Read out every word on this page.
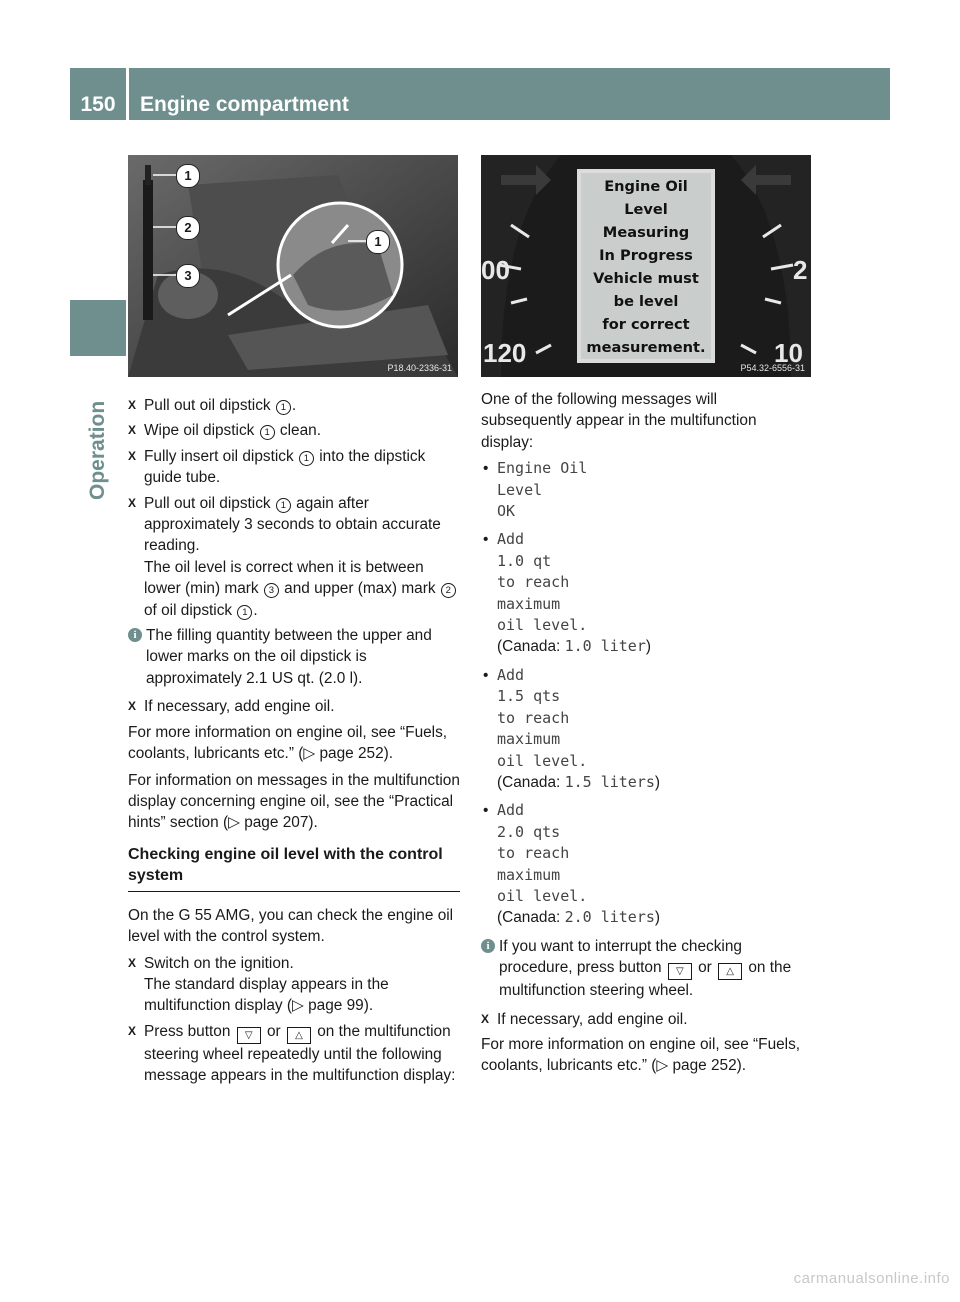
150	Engine compartment
Operation
1
2
3
1
P18.40-2336-31
Engine Oil
Level
Measuring
In Progress
Vehicle must
be level
for correct
measurement.
00
120
2
10
P54.32-6556-31
X Pull out oil dipstick 1 .
X Wipe oil dipstick 1 clean.
X Fully insert oil dipstick 1 into the dipstick guide tube.
X Pull out oil dipstick 1 again after approximately 3 seconds to obtain accurate reading.
The oil level is correct when it is between lower (min) mark 3 and upper (max) mark 2 of oil dipstick 1 .
i The filling quantity between the upper and lower marks on the oil dipstick is approximately 2.1 US qt. (2.0 l).
X If necessary, add engine oil.
For more information on engine oil, see “Fuels, coolants, lubricants etc.” (▷ page 252).
For information on messages in the multifunction display concerning engine oil, see the “Practical hints” section (▷ page 207).
Checking engine oil level with the control system
On the G 55 AMG, you can check the engine oil level with the control system.
X Switch on the ignition.
The standard display appears in the multifunction display (▷ page 99).
X Press button ▽ or △ on the multifunction steering wheel repeatedly until the following message appears in the multifunction display:
One of the following messages will subsequently appear in the multifunction display:
• Engine Oil
Level
OK
• Add
1.0 qt
to reach
maximum
oil level.
(Canada: 1.0 liter)
• Add
1.5 qts
to reach
maximum
oil level.
(Canada: 1.5 liters)
• Add
2.0 qts
to reach
maximum
oil level.
(Canada: 2.0 liters)
i If you want to interrupt the checking procedure, press button ▽ or △ on the multifunction steering wheel.
X If necessary, add engine oil.
For more information on engine oil, see “Fuels, coolants, lubricants etc.” (▷ page 252).
carmanualsonline.info
